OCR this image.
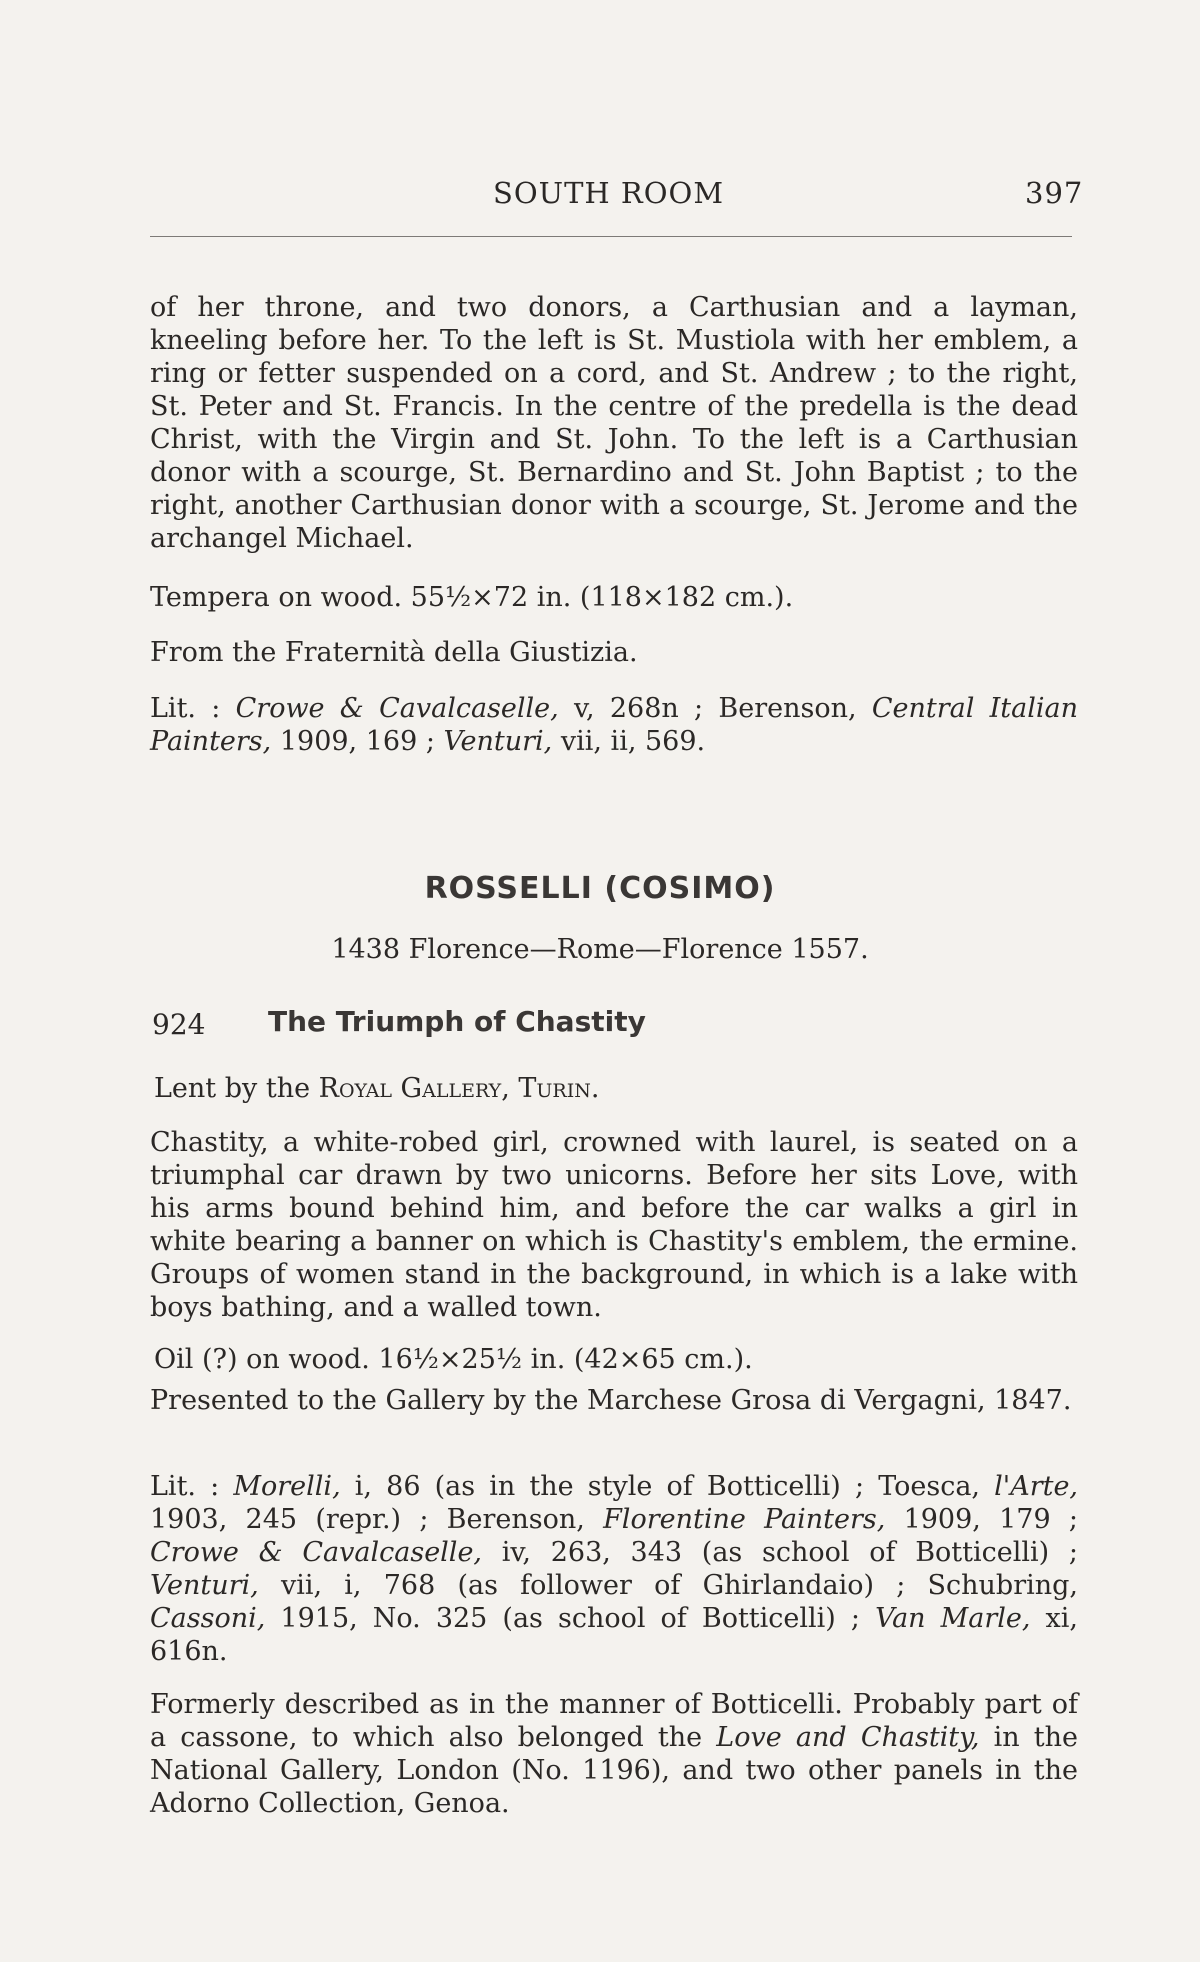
SOUTH ROOM	397
of her throne, and two donors, a Carthusian and a layman, kneeling before her. To the left is St. Mustiola with her emblem, a ring or fetter suspended on a cord, and St. Andrew ; to the right, St. Peter and St. Francis. In the centre of the predella is the dead Christ, with the Virgin and St. John. To the left is a Carthusian donor with a scourge, St. Bernardino and St. John Baptist ; to the right, another Carthusian donor with a scourge, St. Jerome and the archangel Michael.
Tempera on wood. 55½×72 in. (118×182 cm.).
From the Fraternità della Giustizia.
Lit. : Crowe & Cavalcaselle, v, 268n ; Berenson, Central Italian Painters, 1909, 169 ; Venturi, vii, ii, 569.
ROSSELLI (COSIMO)
1438 Florence—Rome—Florence 1557.
924 The Triumph of Chastity
Lent by the Royal Gallery, Turin.
Chastity, a white-robed girl, crowned with laurel, is seated on a triumphal car drawn by two unicorns. Before her sits Love, with his arms bound behind him, and before the car walks a girl in white bearing a banner on which is Chastity's emblem, the ermine. Groups of women stand in the background, in which is a lake with boys bathing, and a walled town.
Oil (?) on wood. 16½×25½ in. (42×65 cm.).
Presented to the Gallery by the Marchese Grosa di Vergagni, 1847.
Lit. : Morelli, i, 86 (as in the style of Botticelli) ; Toesca, l'Arte, 1903, 245 (repr.) ; Berenson, Florentine Painters, 1909, 179 ; Crowe & Cavalcaselle, iv, 263, 343 (as school of Botticelli) ; Venturi, vii, i, 768 (as follower of Ghirlandaio) ; Schubring, Cassoni, 1915, No. 325 (as school of Botticelli) ; Van Marle, xi, 616n.
Formerly described as in the manner of Botticelli. Probably part of a cassone, to which also belonged the Love and Chastity, in the National Gallery, London (No. 1196), and two other panels in the Adorno Collection, Genoa.
